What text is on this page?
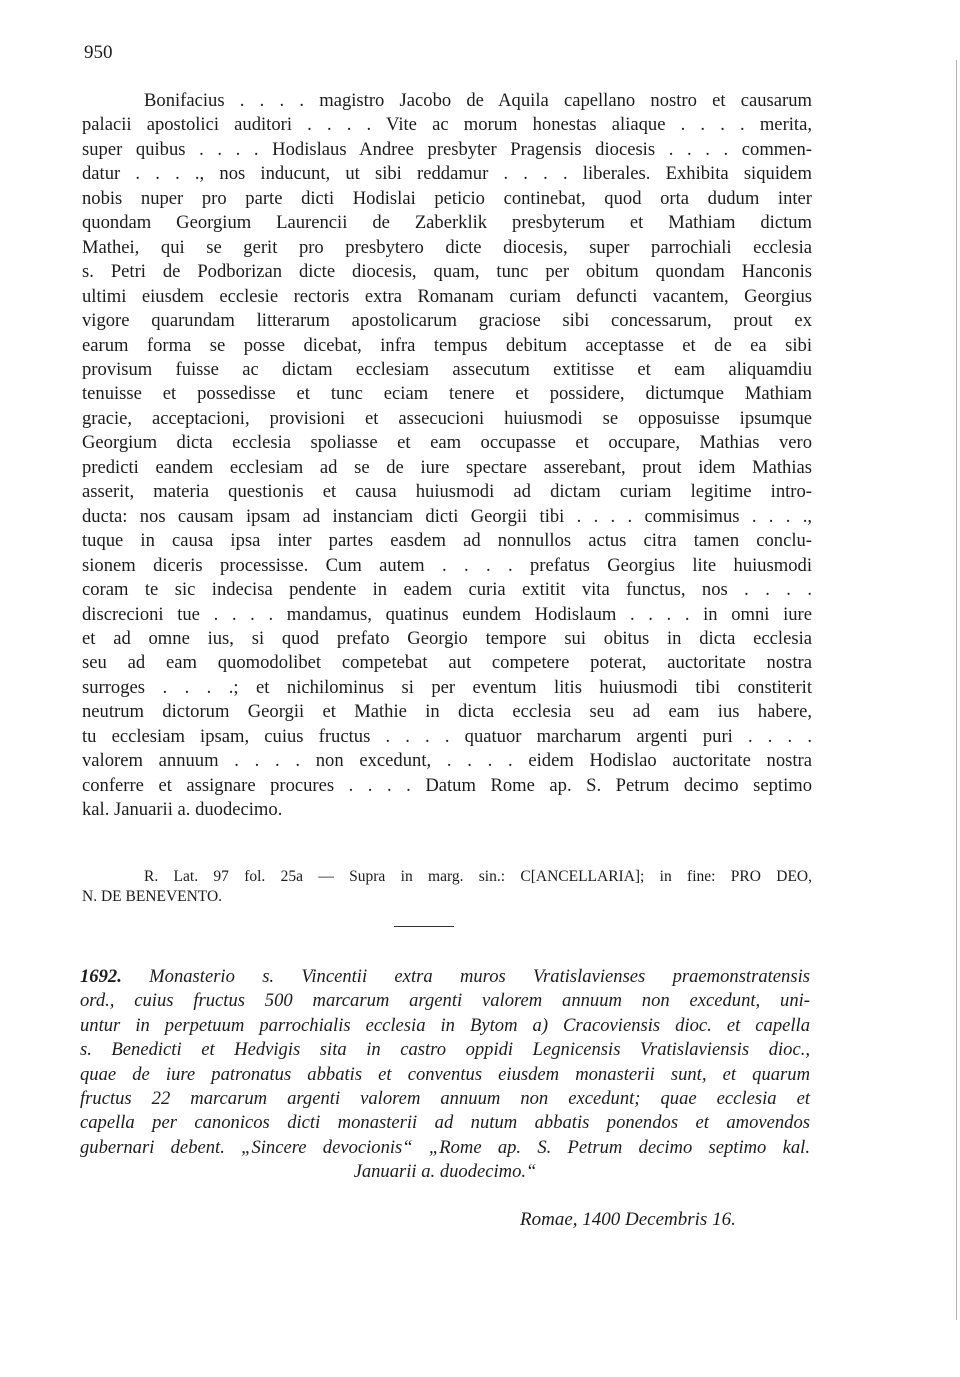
950
Bonifacius . . . . magistro Jacobo de Aquila capellano nostro et causarum
palacii apostolici auditori . . . . Vite ac morum honestas aliaque . . . . merita,
super quibus . . . . Hodislaus Andree presbyter Pragensis diocesis . . . . commen-
datur . . . ., nos inducunt, ut sibi reddamur . . . . liberales. Exhibita siquidem
nobis nuper pro parte dicti Hodislai peticio continebat, quod orta dudum inter
quondam Georgium Laurencii de Zaberklik presbyterum et Mathiam dictum
Mathei, qui se gerit pro presbytero dicte diocesis, super parrochiali ecclesia
s. Petri de Podborizan dicte diocesis, quam, tunc per obitum quondam Hanconis
ultimi eiusdem ecclesie rectoris extra Romanam curiam defuncti vacantem, Georgius
vigore quarundam litterarum apostolicarum graciose sibi concessarum, prout ex
earum forma se posse dicebat, infra tempus debitum acceptasse et de ea sibi
provisum fuisse ac dictam ecclesiam assecutum extitisse et eam aliquamdiu
tenuisse et possedisse et tunc eciam tenere et possidere, dictumque Mathiam
gracie, acceptacioni, provisioni et assecucioni huiusmodi se opposuisse ipsumque
Georgium dicta ecclesia spoliasse et eam occupasse et occupare, Mathias vero
predicti eandem ecclesiam ad se de iure spectare asserebant, prout idem Mathias
asserit, materia questionis et causa huiusmodi ad dictam curiam legitime intro-
ducta: nos causam ipsam ad instanciam dicti Georgii tibi . . . . commisimus . . . .,
tuque in causa ipsa inter partes easdem ad nonnullos actus citra tamen conclu-
sionem diceris processisse. Cum autem . . . . prefatus Georgius lite huiusmodi
coram te sic indecisa pendente in eadem curia extitit vita functus, nos . . . .
discrecioni tue . . . . mandamus, quatinus eundem Hodislaum . . . . in omni iure
et ad omne ius, si quod prefato Georgio tempore sui obitus in dicta ecclesia
seu ad eam quomodolibet competebat aut competere poterat, auctoritate nostra
surroges . . . .; et nichilominus si per eventum litis huiusmodi tibi constiterit
neutrum dictorum Georgii et Mathie in dicta ecclesia seu ad eam ius habere,
tu ecclesiam ipsam, cuius fructus . . . . quatuor marcharum argenti puri . . . .
valorem annuum . . . . non excedunt, . . . . eidem Hodislao auctoritate nostra
conferre et assignare procures . . . . Datum Rome ap. S. Petrum decimo septimo
kal. Januarii a. duodecimo.
R. Lat. 97 fol. 25a — Supra in marg. sin.: C[ANCELLARIA]; in fine: PRO DEO,
N. DE BENEVENTO.
1692. Monasterio s. Vincentii extra muros Vratislavienses praemonstratensis
ord., cuius fructus 500 marcarum argenti valorem annuum non excedunt, uni-
untur in perpetuum parrochialis ecclesia in Bytom a) Cracoviensis dioc. et capella
s. Benedicti et Hedvigis sita in castro oppidi Legnicensis Vratislaviensis dioc.,
quae de iure patronatus abbatis et conventus eiusdem monasterii sunt, et quarum
fructus 22 marcarum argenti valorem annuum non excedunt; quae ecclesia et
capella per canonicos dicti monasterii ad nutum abbatis ponendos et amovendos
gubernari debent. „Sincere devocionis“ „Rome ap. S. Petrum decimo septimo kal.
Januarii a. duodecimo.“
Romae, 1400 Decembris 16.
